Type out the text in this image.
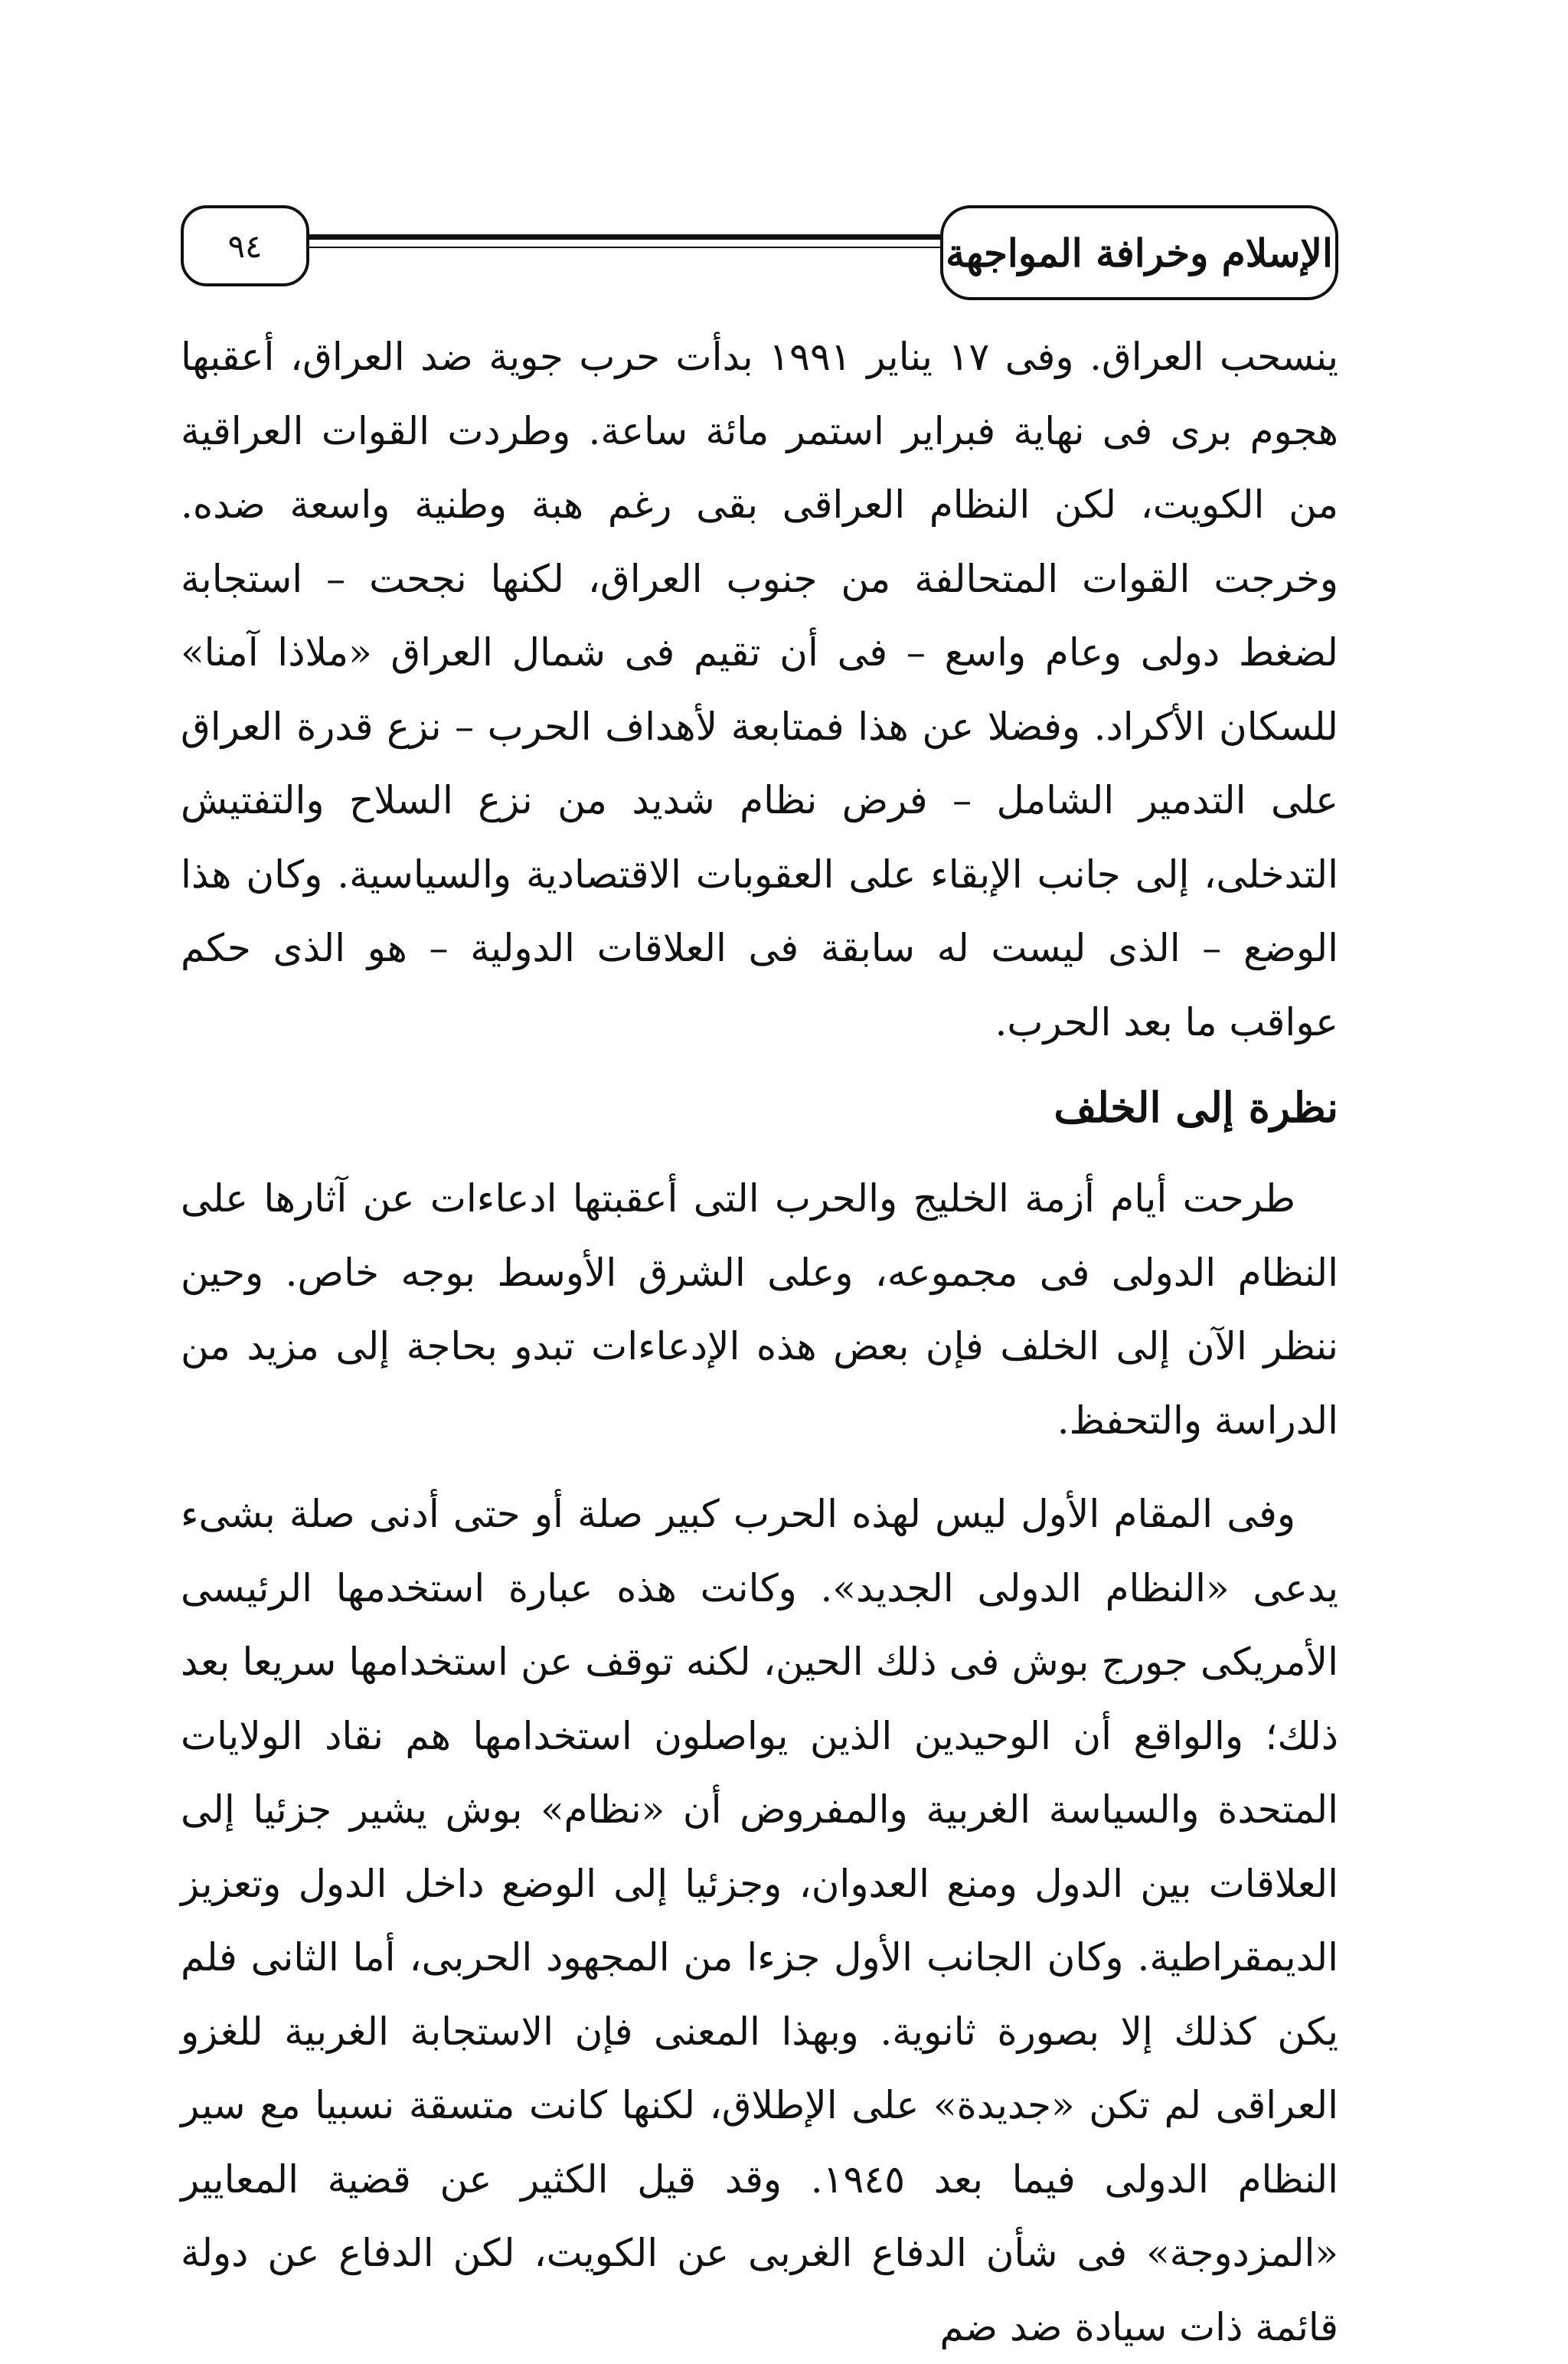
الإسلام وخرافة المواجهة
٩٤

ينسحب العراق. وفى ١٧ يناير ١٩٩١ بدأت حرب جوية ضد العراق، أعقبها هجوم برى فى نهاية فبراير استمر مائة ساعة. وطردت القوات العراقية من الكويت، لكن النظام العراقى بقى رغم هبة وطنية واسعة ضده. وخرجت القوات المتحالفة من جنوب العراق، لكنها نجحت – استجابة لضغط دولى وعام واسع – فى أن تقيم فى شمال العراق «ملاذا آمنا» للسكان الأكراد. وفضلا عن هذا فمتابعة لأهداف الحرب – نزع قدرة العراق على التدمير الشامل – فرض نظام شديد من نزع السلاح والتفتيش التدخلى، إلى جانب الإبقاء على العقوبات الاقتصادية والسياسية. وكان هذا الوضع – الذى ليست له سابقة فى العلاقات الدولية – هو الذى حكم عواقب ما بعد الحرب.

نظرة إلى الخلف

طرحت أيام أزمة الخليج والحرب التى أعقبتها ادعاءات عن آثارها على النظام الدولى فى مجموعه، وعلى الشرق الأوسط بوجه خاص. وحين ننظر الآن إلى الخلف فإن بعض هذه الإدعاءات تبدو بحاجة إلى مزيد من الدراسة والتحفظ.

وفى المقام الأول ليس لهذه الحرب كبير صلة أو حتى أدنى صلة بشىء يدعى «النظام الدولى الجديد». وكانت هذه عبارة استخدمها الرئيسى الأمريكى جورج بوش فى ذلك الحين، لكنه توقف عن استخدامها سريعا بعد ذلك؛ والواقع أن الوحيدين الذين يواصلون استخدامها هم نقاد الولايات المتحدة والسياسة الغربية والمفروض أن «نظام» بوش يشير جزئيا إلى العلاقات بين الدول ومنع العدوان، وجزئيا إلى الوضع داخل الدول وتعزيز الديمقراطية. وكان الجانب الأول جزءا من المجهود الحربى، أما الثانى فلم يكن كذلك إلا بصورة ثانوية. وبهذا المعنى فإن الاستجابة الغربية للغزو العراقى لم تكن «جديدة» على الإطلاق، لكنها كانت متسقة نسبيا مع سير النظام الدولى فيما بعد ١٩٤٥. وقد قيل الكثير عن قضية المعايير «المزدوجة» فى شأن الدفاع الغربى عن الكويت، لكن الدفاع عن دولة قائمة ذات سيادة ضد ضم
